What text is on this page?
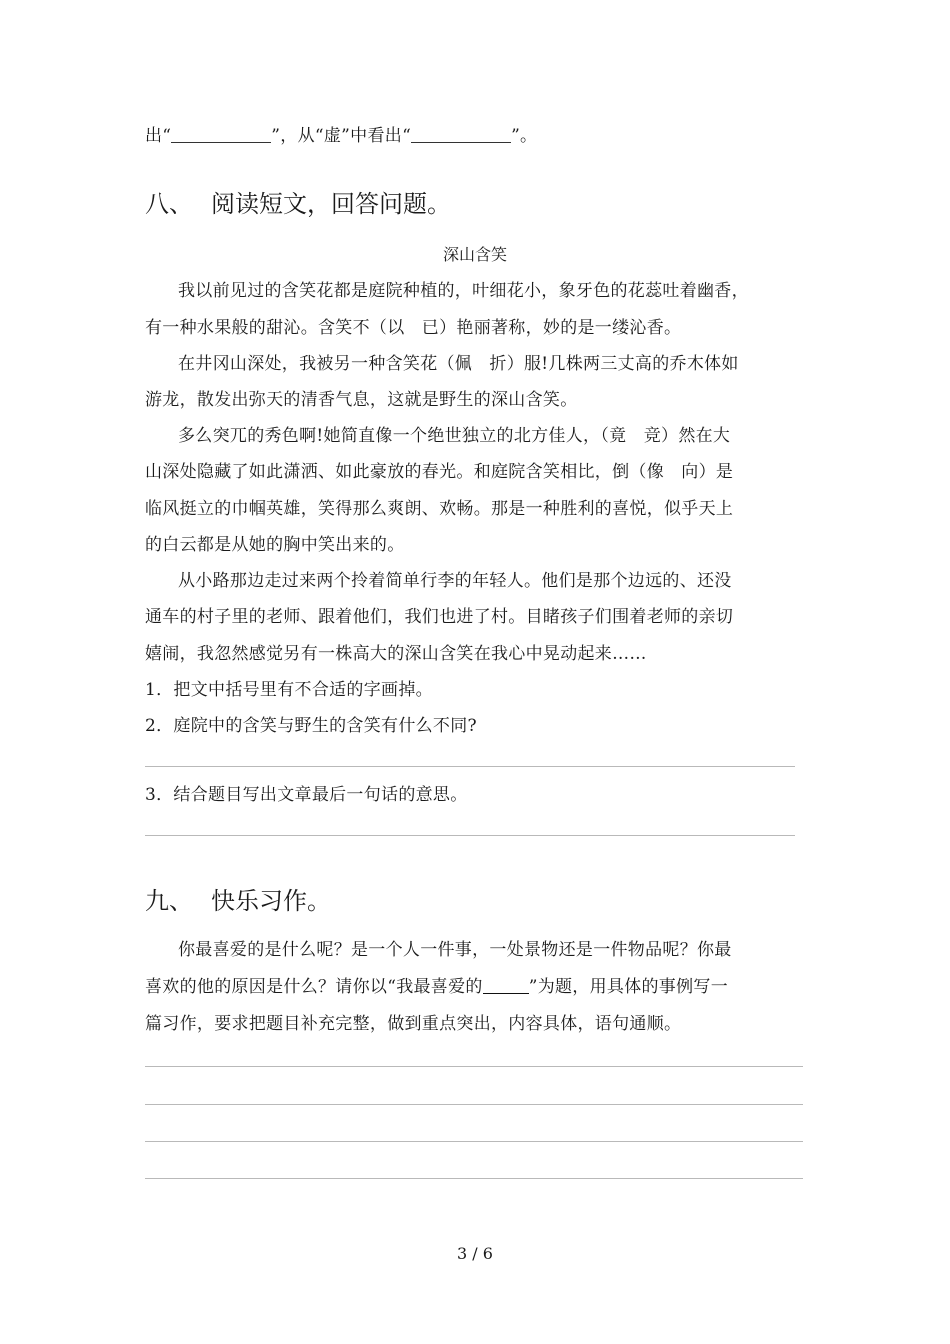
出“	”，从“虚”中看出“	”。
八、 阅读短文，回答问题。
深山含笑
我以前见过的含笑花都是庭院种植的，叶细花小，象牙色的花蕊吐着幽香，
有一种水果般的甜沁。含笑不（以　已）艳丽著称，妙的是一缕沁香。
在井冈山深处，我被另一种含笑花（佩　折）服!几株两三丈高的乔木体如
游龙，散发出弥天的清香气息，这就是野生的深山含笑。
多么突兀的秀色啊!她简直像一个绝世独立的北方佳人，（竟　竞）然在大
山深处隐藏了如此潇洒、如此豪放的春光。和庭院含笑相比，倒（像　向）是
临风挺立的巾帼英雄，笑得那么爽朗、欢畅。那是一种胜利的喜悦，似乎天上
的白云都是从她的胸中笑出来的。
从小路那边走过来两个拎着简单行李的年轻人。他们是那个边远的、还没
通车的村子里的老师、跟着他们，我们也进了村。目睹孩子们围着老师的亲切
嬉闹，我忽然感觉另有一株高大的深山含笑在我心中晃动起来……
1．把文中括号里有不合适的字画掉。
2．庭院中的含笑与野生的含笑有什么不同?
3．结合题目写出文章最后一句话的意思。
九、 快乐习作。
你最喜爱的是什么呢？是一个人一件事，一处景物还是一件物品呢？你最
喜欢的他的原因是什么？请你以“我最喜爱的	”为题，用具体的事例写一
篇习作，要求把题目补充完整，做到重点突出，内容具体，语句通顺。
3 / 6
